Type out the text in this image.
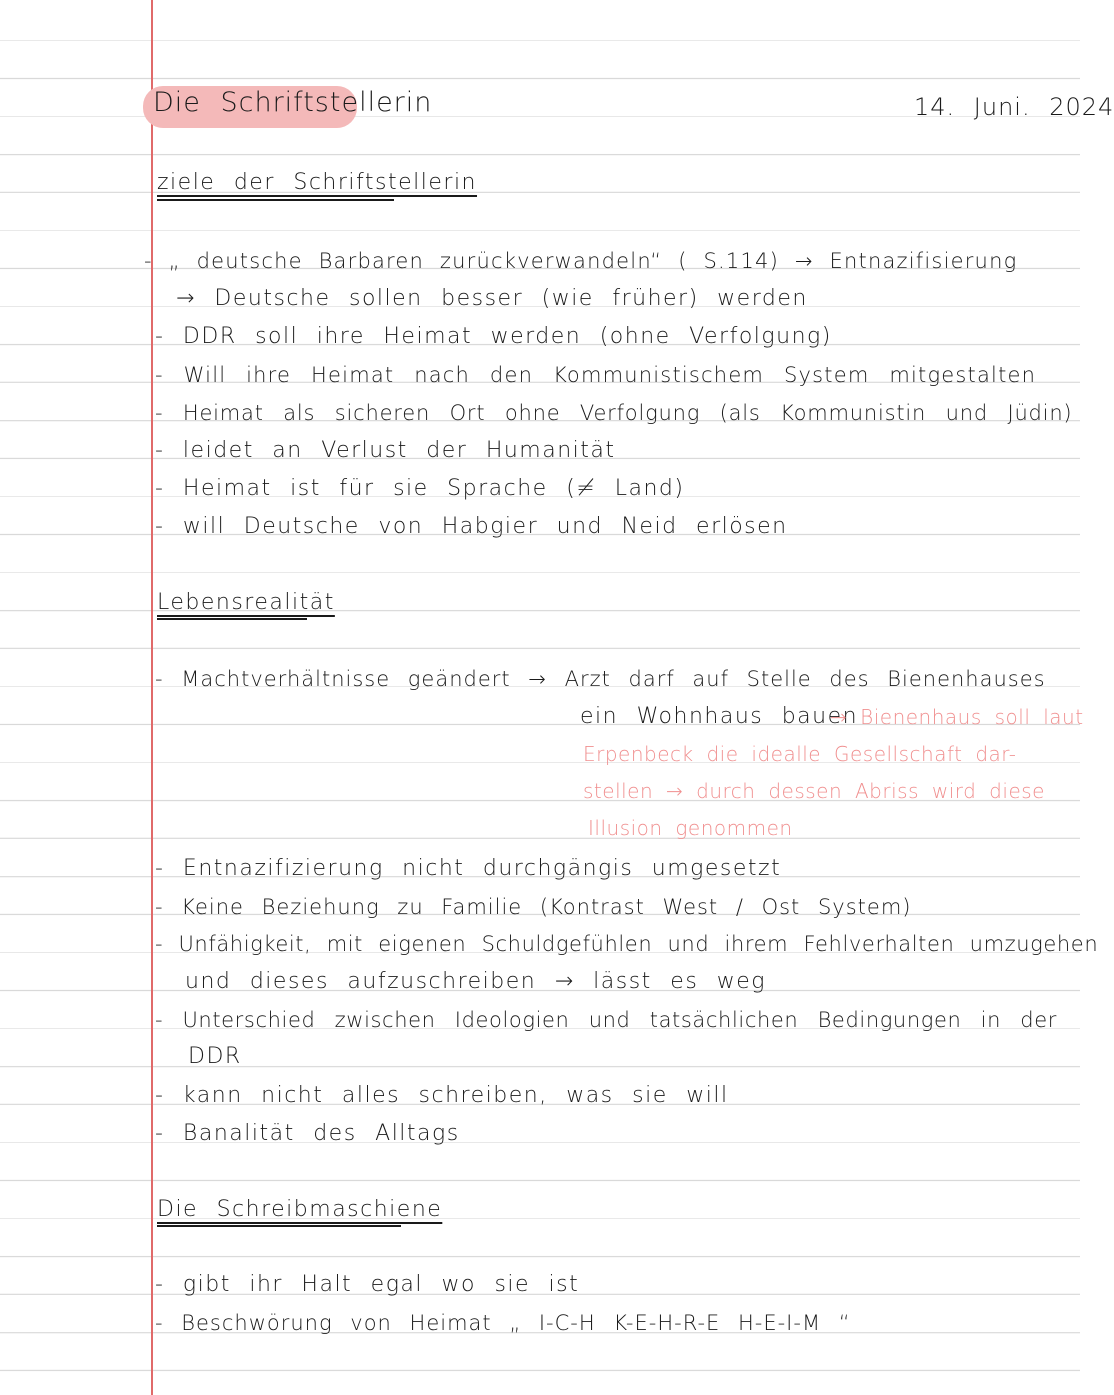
Die Schriftstellerin	14. Juni. 2024
ziele der Schriftstellerin
- „ deutsche Barbaren zurückverwandeln“ ( S.114) → Entnazifisierung
→ Deutsche sollen besser (wie früher) werden
- DDR soll ihre Heimat werden (ohne Verfolgung)
- Will ihre Heimat nach den Kommunistischem System mitgestalten
- Heimat als sicheren Ort ohne Verfolgung (als Kommunistin und Jüdin)
- leidet an Verlust der Humanität
- Heimat ist für sie Sprache (≠ Land)
- will Deutsche von Habgier und Neid erlösen
Lebensrealität
- Machtverhältnisse geändert → Arzt darf auf Stelle des Bienenhauses
ein Wohnhaus bauen
→ Bienenhaus soll laut
Erpenbeck die idealle Gesellschaft dar-
stellen → durch dessen Abriss wird diese
Illusion genommen
- Entnazifizierung nicht durchgängis umgesetzt
- Keine Beziehung zu Familie (Kontrast West / Ost System)
- Unfähigkeit, mit eigenen Schuldgefühlen und ihrem Fehlverhalten umzugehen
und dieses aufzuschreiben → lässt es weg
- Unterschied zwischen Ideologien und tatsächlichen Bedingungen in der
DDR
- kann nicht alles schreiben, was sie will
- Banalität des Alltags
Die Schreibmaschiene
- gibt ihr Halt egal wo sie ist
- Beschwörung von Heimat „ I-C-H K-E-H-R-E H-E-I-M “
